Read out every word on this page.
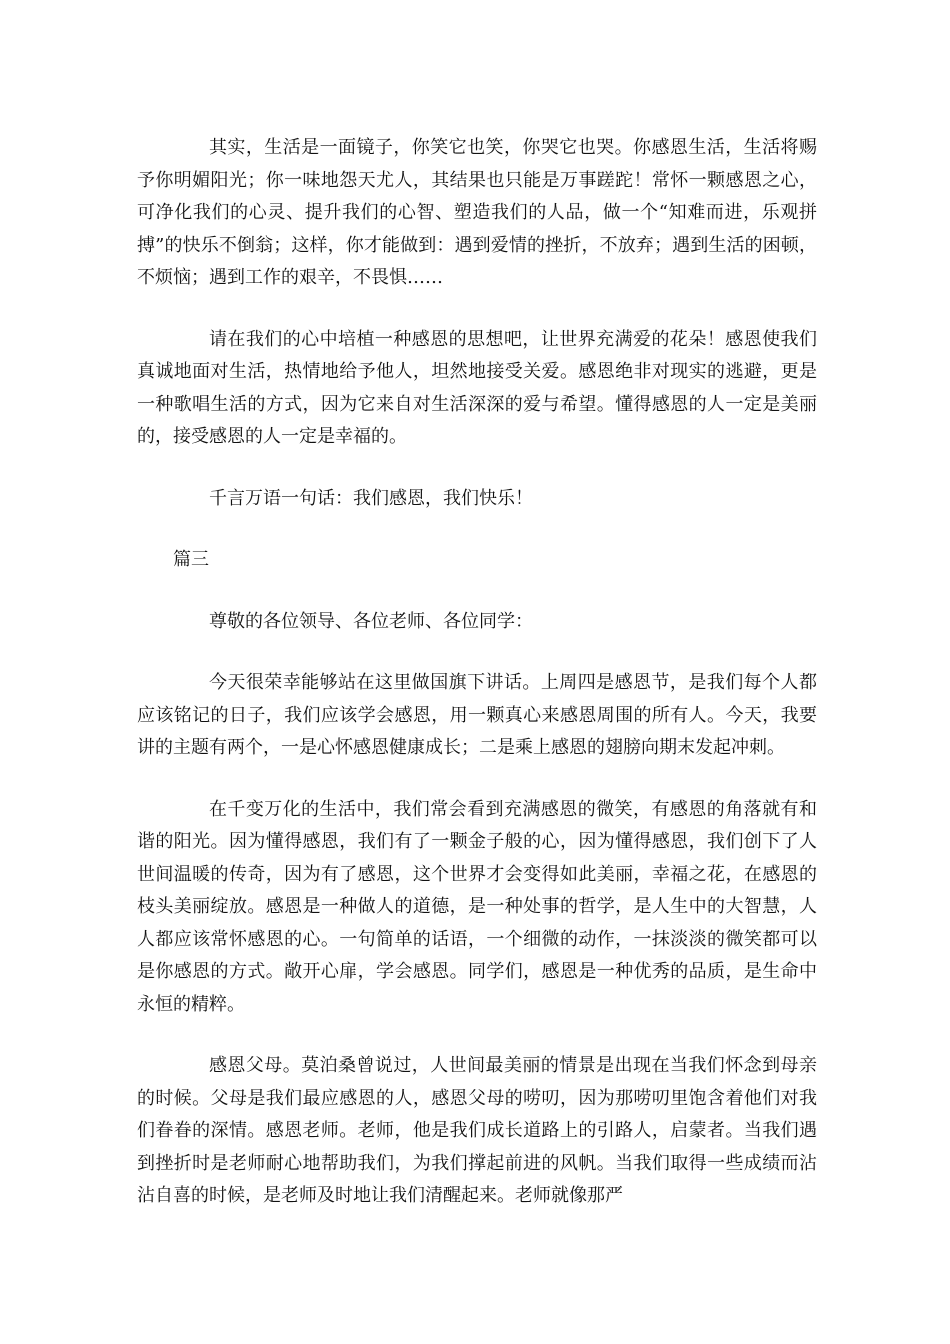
其实，生活是一面镜子，你笑它也笑，你哭它也哭。你感恩生活，生活将赐予你明媚阳光；你一味地怨天尤人，其结果也只能是万事蹉跎！常怀一颗感恩之心，可净化我们的心灵、提升我们的心智、塑造我们的人品，做一个“知难而进，乐观拼搏”的快乐不倒翁；这样，你才能做到：遇到爱情的挫折，不放弃；遇到生活的困顿，不烦恼；遇到工作的艰辛，不畏惧……

请在我们的心中培植一种感恩的思想吧，让世界充满爱的花朵！感恩使我们真诚地面对生活，热情地给予他人，坦然地接受关爱。感恩绝非对现实的逃避，更是一种歌唱生活的方式，因为它来自对生活深深的爱与希望。懂得感恩的人一定是美丽的，接受感恩的人一定是幸福的。

千言万语一句话：我们感恩，我们快乐！

篇三

尊敬的各位领导、各位老师、各位同学：

今天很荣幸能够站在这里做国旗下讲话。上周四是感恩节，是我们每个人都应该铭记的日子，我们应该学会感恩，用一颗真心来感恩周围的所有人。今天，我要讲的主题有两个，一是心怀感恩健康成长；二是乘上感恩的翅膀向期末发起冲刺。

在千变万化的生活中，我们常会看到充满感恩的微笑，有感恩的角落就有和谐的阳光。因为懂得感恩，我们有了一颗金子般的心，因为懂得感恩，我们创下了人世间温暖的传奇，因为有了感恩，这个世界才会变得如此美丽，幸福之花，在感恩的枝头美丽绽放。感恩是一种做人的道德，是一种处事的哲学，是人生中的大智慧，人人都应该常怀感恩的心。一句简单的话语，一个细微的动作，一抹淡淡的微笑都可以是你感恩的方式。敞开心扉，学会感恩。同学们，感恩是一种优秀的品质，是生命中永恒的精粹。

感恩父母。莫泊桑曾说过，人世间最美丽的情景是出现在当我们怀念到母亲的时候。父母是我们最应感恩的人，感恩父母的唠叨，因为那唠叨里饱含着他们对我们眷眷的深情。感恩老师。老师，他是我们成长道路上的引路人，启蒙者。当我们遇到挫折时是老师耐心地帮助我们，为我们撑起前进的风帆。当我们取得一些成绩而沾沾自喜的时候，是老师及时地让我们清醒起来。老师就像那严
